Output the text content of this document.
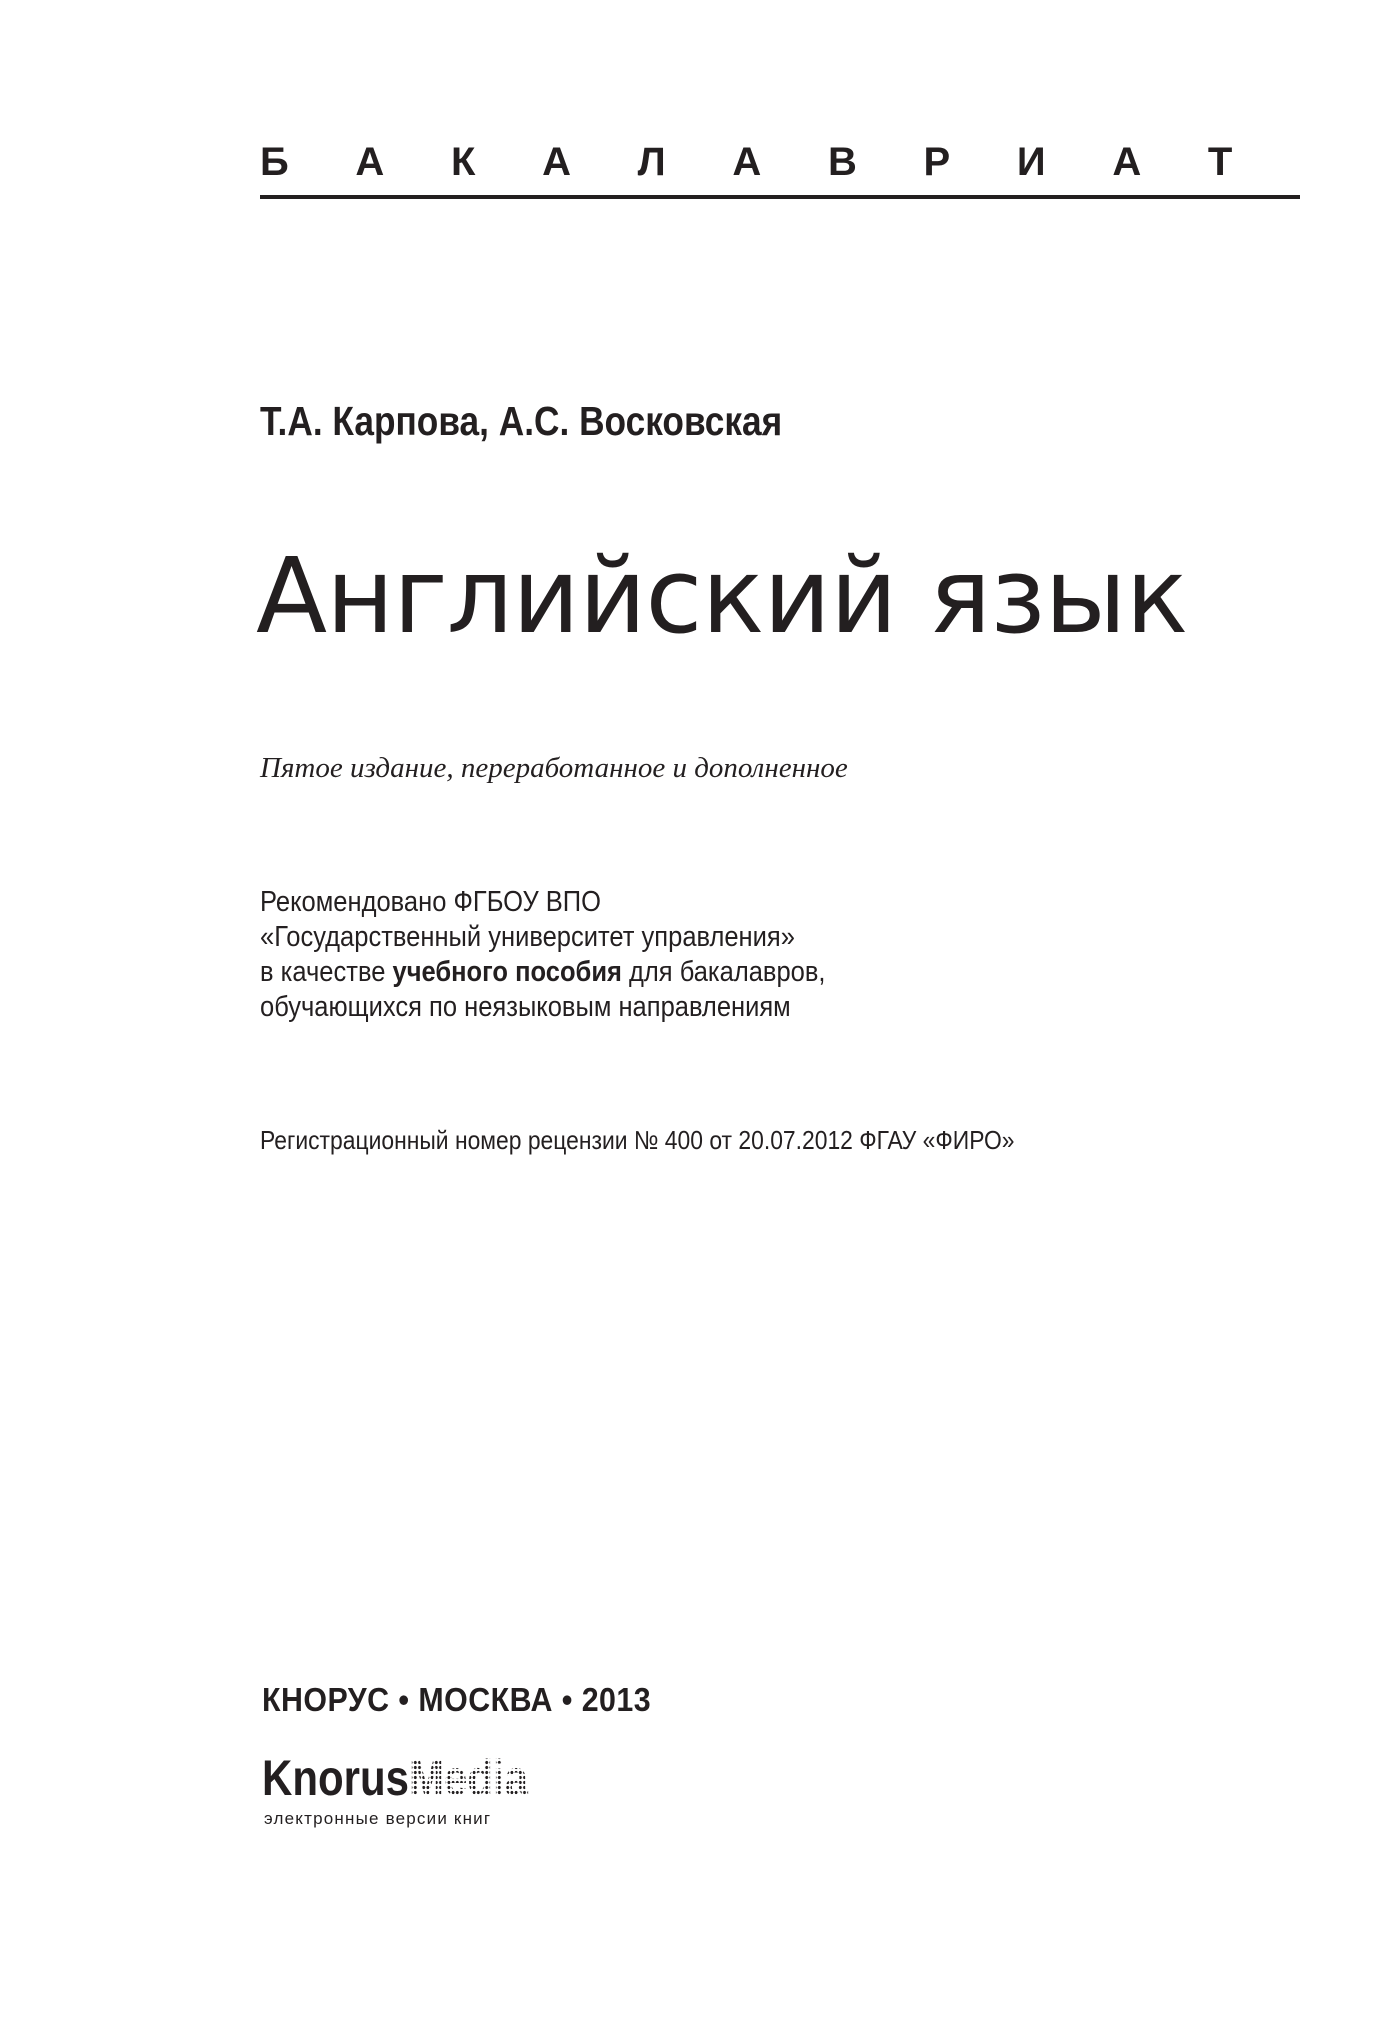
Б      А      К      А      Л      А      В      Р      И      А      Т
Т.А. Карпова, А.С. Восковская
Английский язык
Пятое издание, переработанное и дополненное
Рекомендовано ФГБОУ ВПО
«Государственный университет управления»
в качестве учебного пособия для бакалавров,
обучающихся по неязыковым направлениям
Регистрационный номер рецензии № 400 от 20.07.2012 ФГАУ «ФИРО»
КНОРУС • МОСКВА • 2013
KnorusMedia
электронные версии книг
